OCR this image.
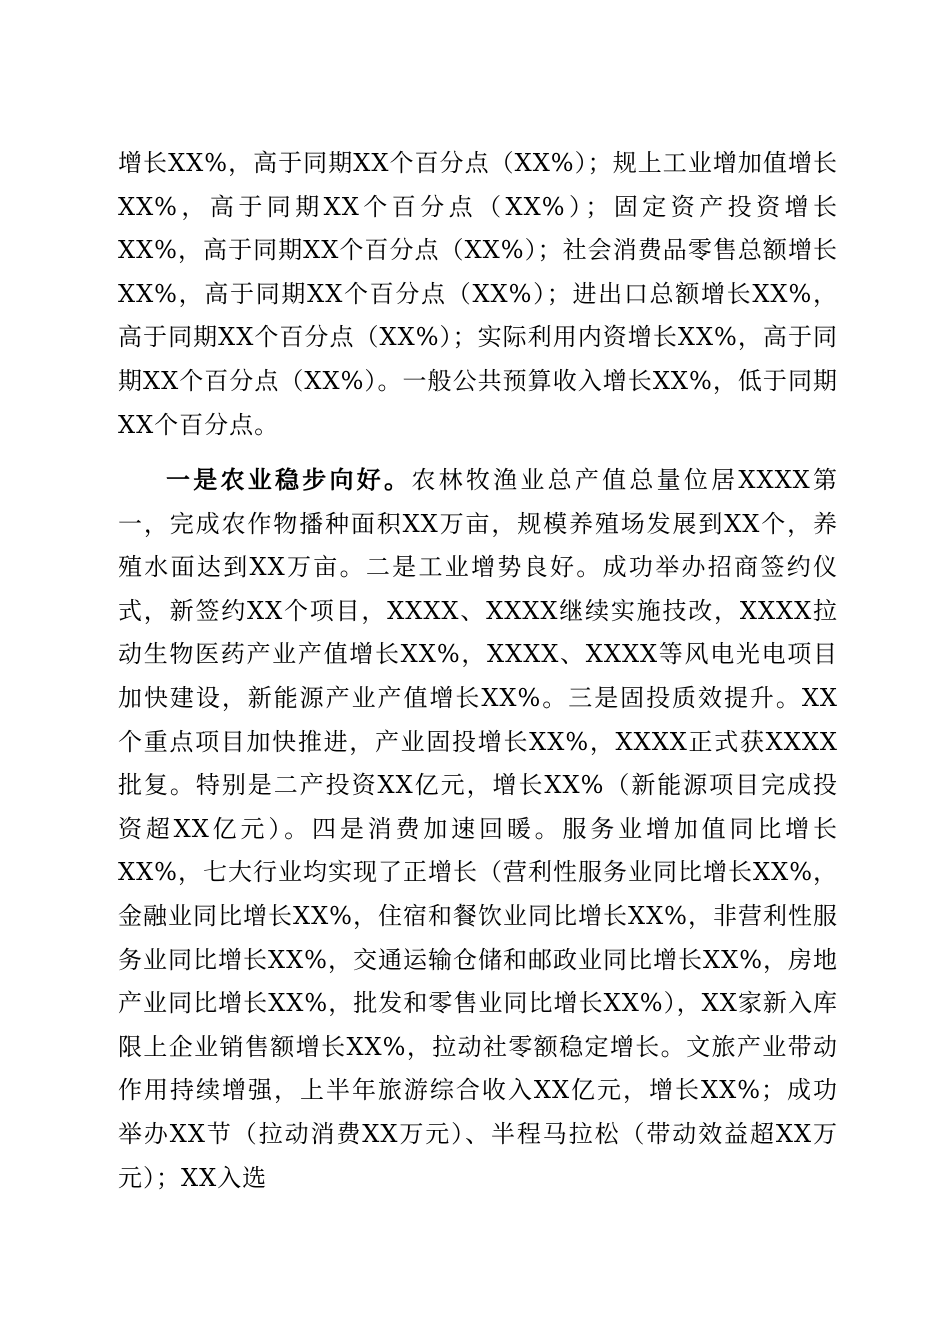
增长XX%，高于同期XX个百分点（XX%）；规上工业增加值增长XX%，高于同期XX个百分点（XX%）；固定资产投资增长XX%，高于同期XX个百分点（XX%）；社会消费品零售总额增长XX%，高于同期XX个百分点（XX%）；进出口总额增长XX%，高于同期XX个百分点（XX%）；实际利用内资增长XX%，高于同期XX个百分点（XX%）。一般公共预算收入增长XX%，低于同期XX个百分点。

一是农业稳步向好。农林牧渔业总产值总量位居XXXX第一，完成农作物播种面积XX万亩，规模养殖场发展到XX个，养殖水面达到XX万亩。二是工业增势良好。成功举办招商签约仪式，新签约XX个项目，XXXX、XXXX继续实施技改，XXXX拉动生物医药产业产值增长XX%，XXXX、XXXX等风电光电项目加快建设，新能源产业产值增长XX%。三是固投质效提升。XX个重点项目加快推进，产业固投增长XX%，XXXX正式获XXXX批复。特别是二产投资XX亿元，增长XX%（新能源项目完成投资超XX亿元）。四是消费加速回暖。服务业增加值同比增长XX%，七大行业均实现了正增长（营利性服务业同比增长XX%，金融业同比增长XX%，住宿和餐饮业同比增长XX%，非营利性服务业同比增长XX%，交通运输仓储和邮政业同比增长XX%，房地产业同比增长XX%，批发和零售业同比增长XX%），XX家新入库限上企业销售额增长XX%，拉动社零额稳定增长。文旅产业带动作用持续增强，上半年旅游综合收入XX亿元，增长XX%；成功举办XX节（拉动消费XX万元）、半程马拉松（带动效益超XX万元）；XX入选
